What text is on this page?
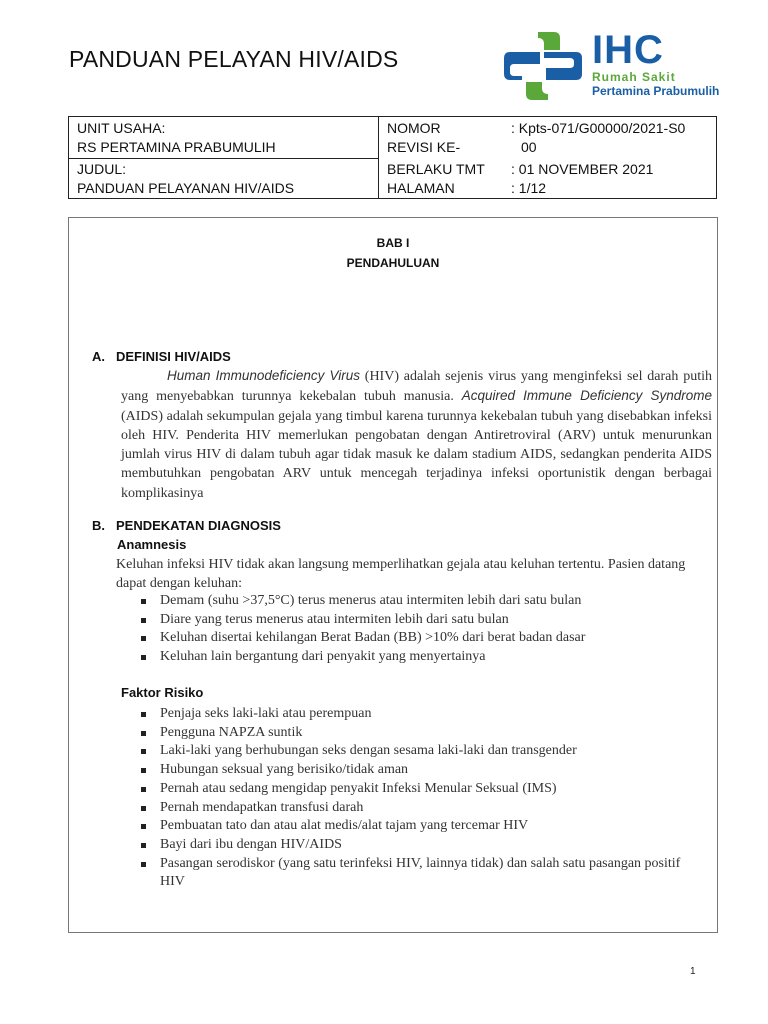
PANDUAN PELAYAN HIV/AIDS	IHC
Rumah Sakit
Pertamina Prabumulih
UNIT USAHA:
RS PERTAMINA PRABUMULIH
JUDUL:
PANDUAN PELAYANAN HIV/AIDS
NOMOR	: Kpts-071/G00000/2021-S0
REVISI KE-	00
BERLAKU TMT : 01 NOVEMBER 2021
HALAMAN	: 1/12
BAB I
PENDAHULUAN
A. DEFINISI HIV/AIDS
Human Immunodeficiency Virus (HIV) adalah sejenis virus yang menginfeksi sel darah putih yang menyebabkan turunnya kekebalan tubuh manusia. Acquired Immune Deficiency Syndrome (AIDS) adalah sekumpulan gejala yang timbul karena turunnya kekebalan tubuh yang disebabkan infeksi oleh HIV. Penderita HIV memerlukan pengobatan dengan Antiretroviral (ARV) untuk menurunkan jumlah virus HIV di dalam tubuh agar tidak masuk ke dalam stadium AIDS, sedangkan penderita AIDS membutuhkan pengobatan ARV untuk mencegah terjadinya infeksi oportunistik dengan berbagai komplikasinya
B. PENDEKATAN DIAGNOSIS
Anamnesis
Keluhan infeksi HIV tidak akan langsung memperlihatkan gejala atau keluhan tertentu. Pasien datang dapat dengan keluhan:
Demam (suhu >37,5°C) terus menerus atau intermiten lebih dari satu bulan
Diare yang terus menerus atau intermiten lebih dari satu bulan
Keluhan disertai kehilangan Berat Badan (BB) >10% dari berat badan dasar
Keluhan lain bergantung dari penyakit yang menyertainya
Faktor Risiko
Penjaja seks laki-laki atau perempuan
Pengguna NAPZA suntik
Laki-laki yang berhubungan seks dengan sesama laki-laki dan transgender
Hubungan seksual yang berisiko/tidak aman
Pernah atau sedang mengidap penyakit Infeksi Menular Seksual (IMS)
Pernah mendapatkan transfusi darah
Pembuatan tato dan atau alat medis/alat tajam yang tercemar HIV
Bayi dari ibu dengan HIV/AIDS
Pasangan serodiskor (yang satu terinfeksi HIV, lainnya tidak) dan salah satu pasangan positif HIV
1
